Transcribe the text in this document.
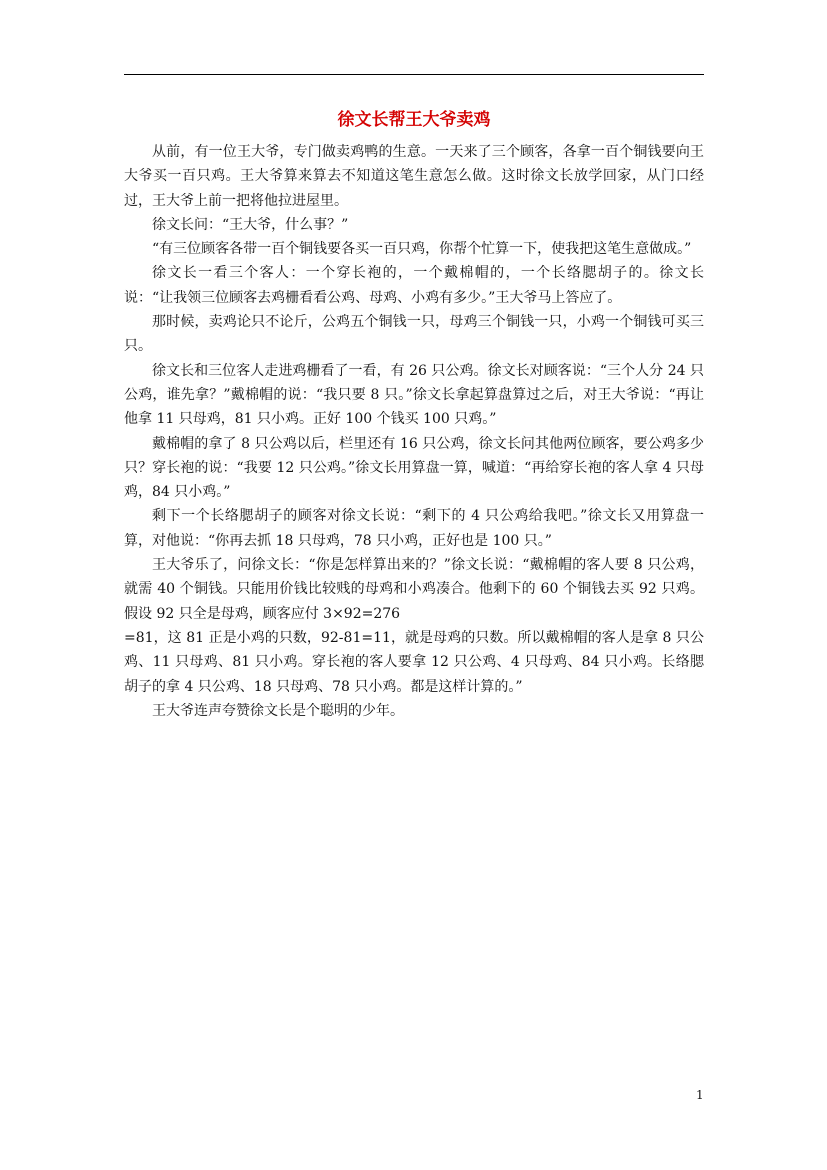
徐文长帮王大爷卖鸡

从前，有一位王大爷，专门做卖鸡鸭的生意。一天来了三个顾客，各拿一百个铜钱要向王大爷买一百只鸡。王大爷算来算去不知道这笔生意怎么做。这时徐文长放学回家，从门口经过，王大爷上前一把将他拉进屋里。

徐文长问：“王大爷，什么事？”

“有三位顾客各带一百个铜钱要各买一百只鸡，你帮个忙算一下，使我把这笔生意做成。”

徐文长一看三个客人：一个穿长袍的，一个戴棉帽的，一个长络腮胡子的。徐文长说：“让我领三位顾客去鸡栅看看公鸡、母鸡、小鸡有多少。”王大爷马上答应了。

那时候，卖鸡论只不论斤，公鸡五个铜钱一只，母鸡三个铜钱一只，小鸡一个铜钱可买三只。

徐文长和三位客人走进鸡栅看了一看，有 26 只公鸡。徐文长对顾客说：“三个人分 24 只公鸡，谁先拿？”戴棉帽的说：“我只要 8 只。”徐文长拿起算盘算过之后，对王大爷说：“再让他拿 11 只母鸡，81 只小鸡。正好 100 个钱买 100 只鸡。”

戴棉帽的拿了 8 只公鸡以后，栏里还有 16 只公鸡，徐文长问其他两位顾客，要公鸡多少只？穿长袍的说：“我要 12 只公鸡。”徐文长用算盘一算，喊道：“再给穿长袍的客人拿 4 只母鸡，84 只小鸡。”

剩下一个长络腮胡子的顾客对徐文长说：“剩下的 4 只公鸡给我吧。”徐文长又用算盘一算，对他说：“你再去抓 18 只母鸡，78 只小鸡，正好也是 100 只。”

王大爷乐了，问徐文长：“你是怎样算出来的？”徐文长说：“戴棉帽的客人要 8 只公鸡，就需 40 个铜钱。只能用价钱比较贱的母鸡和小鸡凑合。他剩下的 60 个铜钱去买 92 只鸡。假设 92 只全是母鸡，顾客应付 3×92=276

=81，这 81 正是小鸡的只数，92-81=11，就是母鸡的只数。所以戴棉帽的客人是拿 8 只公鸡、11 只母鸡、81 只小鸡。穿长袍的客人要拿 12 只公鸡、4 只母鸡、84 只小鸡。长络腮胡子的拿 4 只公鸡、18 只母鸡、78 只小鸡。都是这样计算的。”

王大爷连声夸赞徐文长是个聪明的少年。

1
